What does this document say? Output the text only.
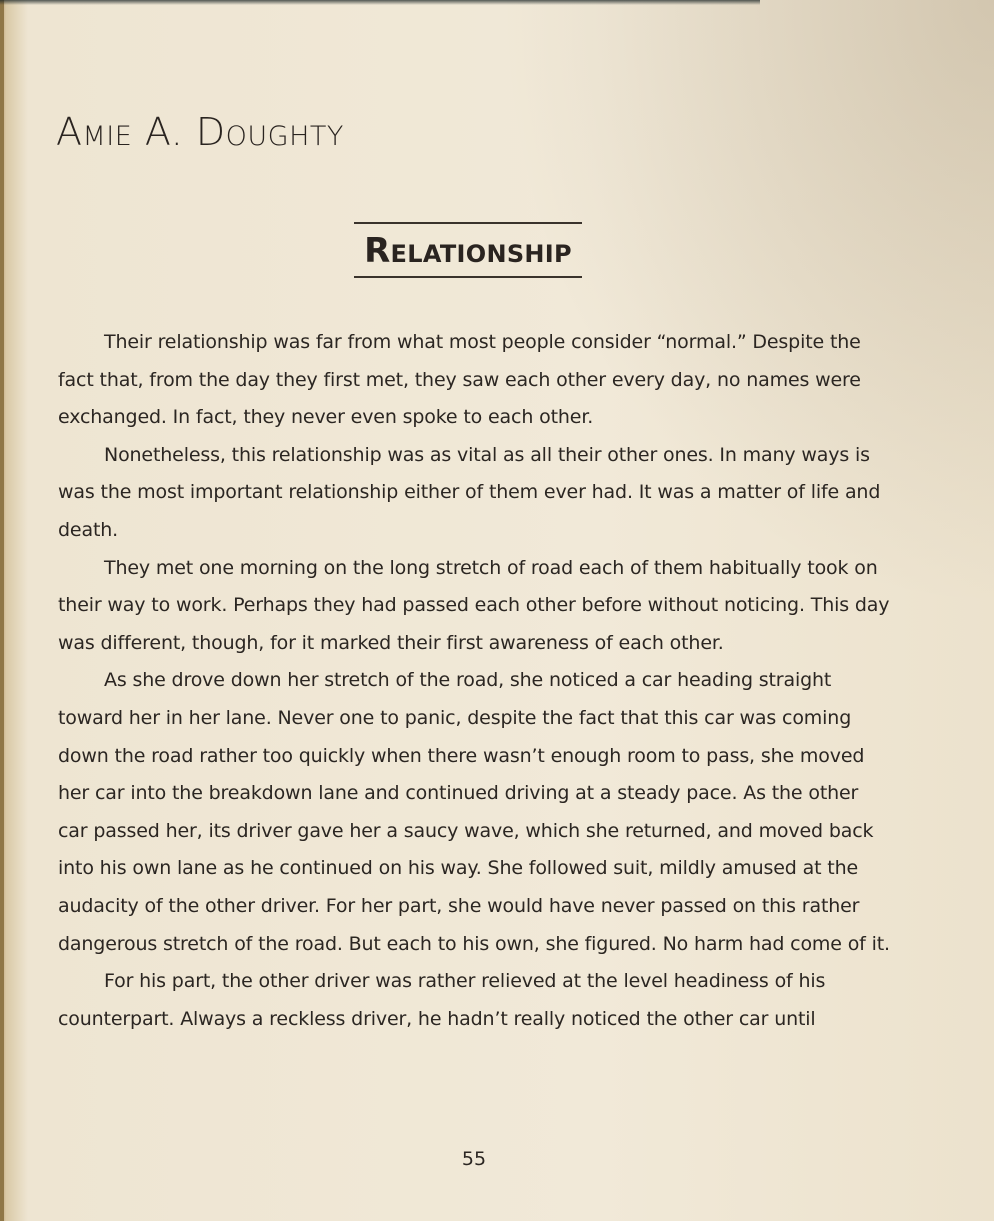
Amie A. Doughty
Relationship

Their relationship was far from what most people consider “normal.” Despite the fact that, from the day they first met, they saw each other every day, no names were exchanged. In fact, they never even spoke to each other.

Nonetheless, this relationship was as vital as all their other ones. In many ways is was the most important relationship either of them ever had. It was a matter of life and death.

They met one morning on the long stretch of road each of them habitually took on their way to work. Perhaps they had passed each other before without noticing. This day was different, though, for it marked their first awareness of each other.

As she drove down her stretch of the road, she noticed a car heading straight toward her in her lane. Never one to panic, despite the fact that this car was coming down the road rather too quickly when there wasn’t enough room to pass, she moved her car into the breakdown lane and continued driving at a steady pace. As the other car passed her, its driver gave her a saucy wave, which she returned, and moved back into his own lane as he continued on his way. She followed suit, mildly amused at the audacity of the other driver. For her part, she would have never passed on this rather dangerous stretch of the road. But each to his own, she figured. No harm had come of it.

For his part, the other driver was rather relieved at the level headiness of his counterpart. Always a reckless driver, he hadn’t really noticed the other car until

55
